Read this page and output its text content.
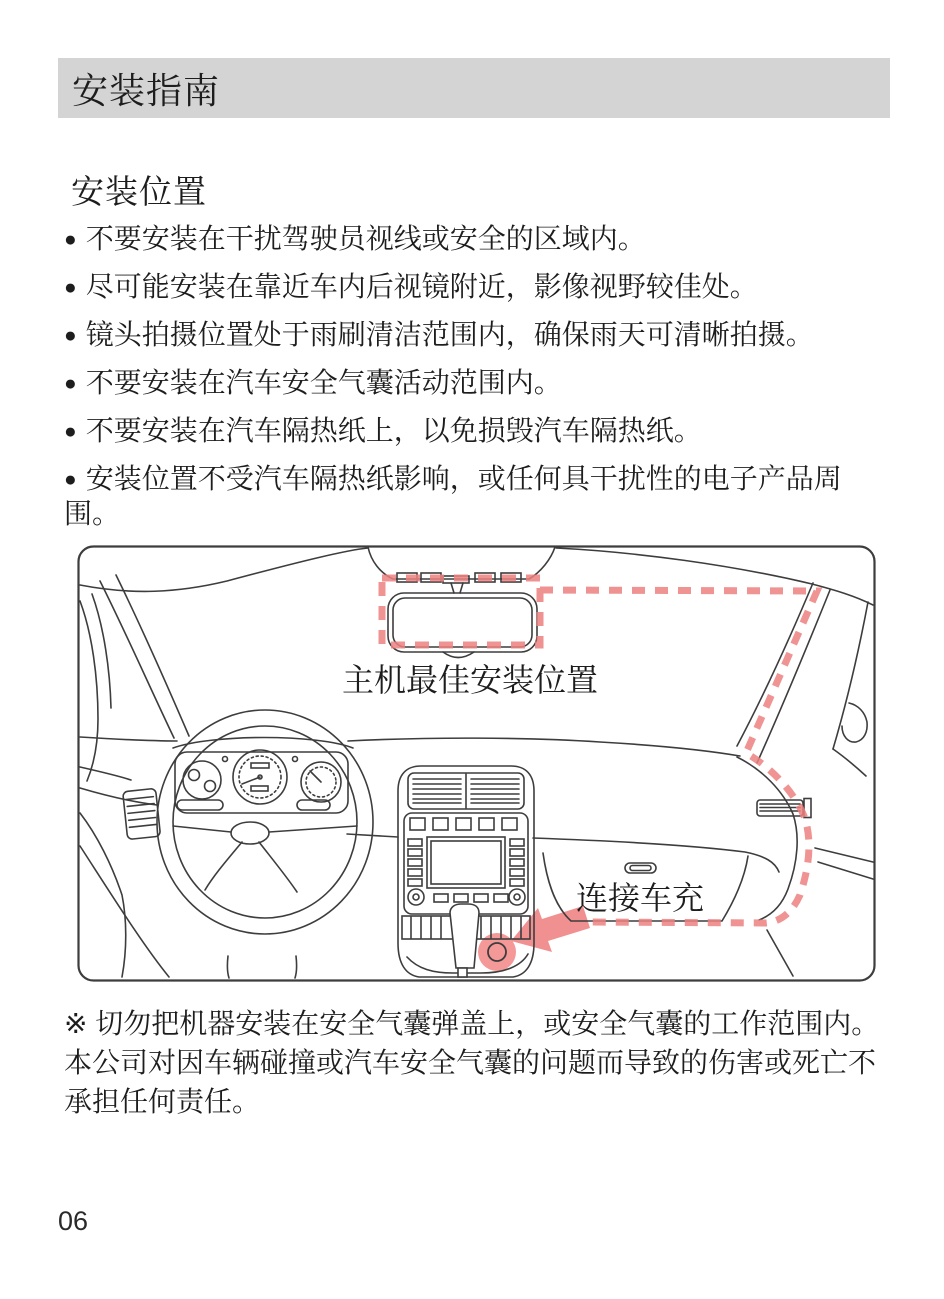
安装指南
安装位置
● 不要安装在干扰驾驶员视线或安全的区域内。
● 尽可能安装在靠近车内后视镜附近，影像视野较佳处。
● 镜头拍摄位置处于雨刷清洁范围内，确保雨天可清晰拍摄。
● 不要安装在汽车安全气囊活动范围内。
● 不要安装在汽车隔热纸上，以免损毁汽车隔热纸。
● 安装位置不受汽车隔热纸影响，或任何具干扰性的电子产品周围。
主机最佳安装位置
连接车充
※ 切勿把机器安装在安全气囊弹盖上，或安全气囊的工作范围内。本公司对因车辆碰撞或汽车安全气囊的问题而导致的伤害或死亡不承担任何责任。
06
